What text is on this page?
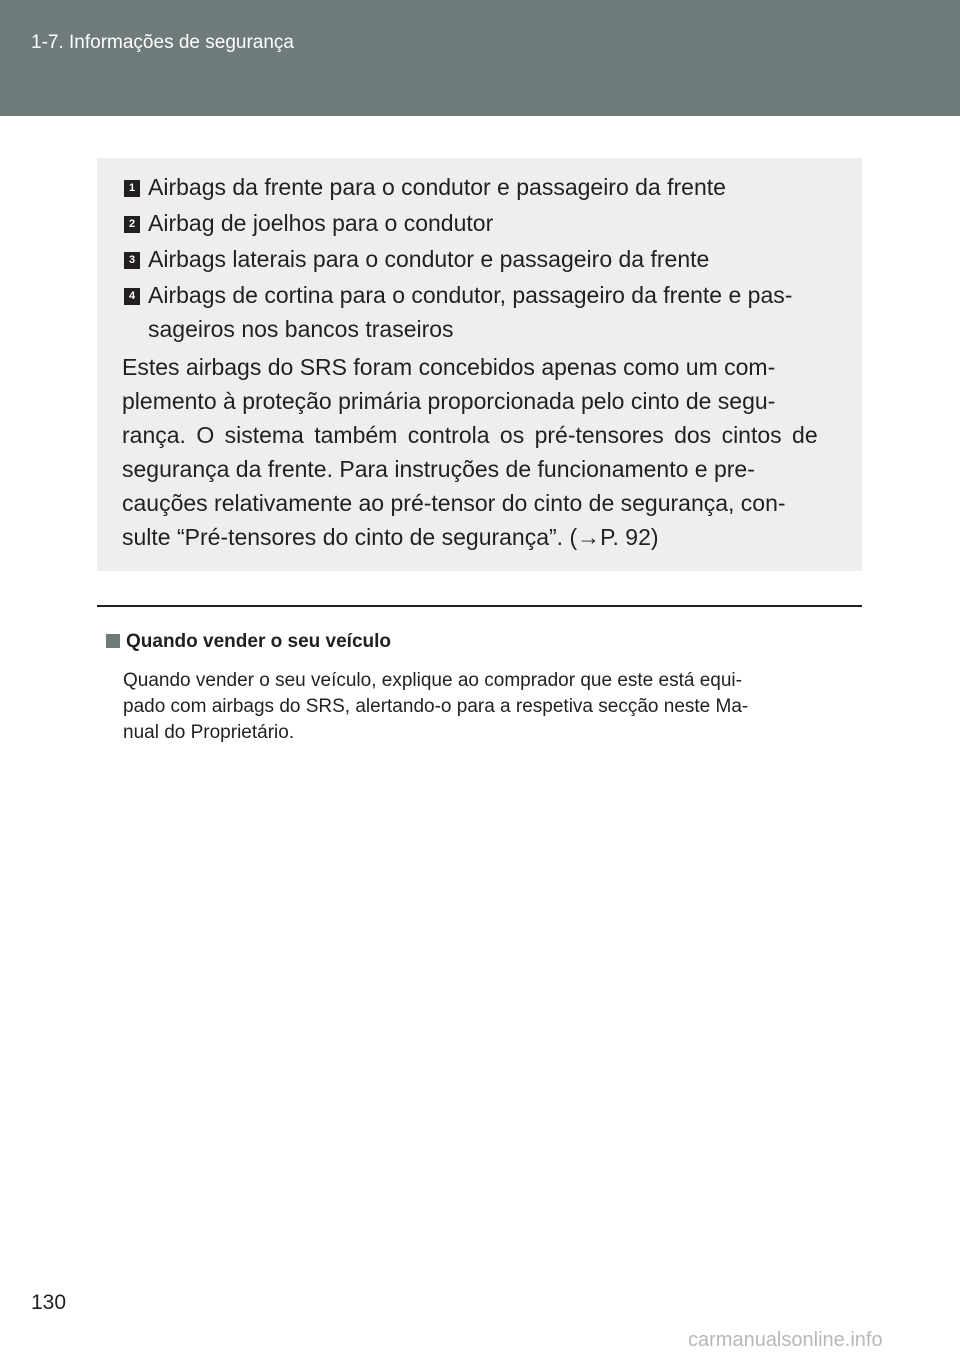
1-7. Informações de segurança
1 Airbags da frente para o condutor e passageiro da frente
2 Airbag de joelhos para o condutor
3 Airbags laterais para o condutor e passageiro da frente
4 Airbags de cortina para o condutor, passageiro da frente e pas-
sageiros nos bancos traseiros
Estes airbags do SRS foram concebidos apenas como um com-
plemento à proteção primária proporcionada pelo cinto de segu-
rança. O sistema também controla os pré-tensores dos cintos de
segurança da frente. Para instruções de funcionamento e pre-
cauções relativamente ao pré-tensor do cinto de segurança, con-
sulte “Pré-tensores do cinto de segurança”. (→P. 92)
Quando vender o seu veículo
Quando vender o seu veículo, explique ao comprador que este está equi-
pado com airbags do SRS, alertando-o para a respetiva secção neste Ma-
nual do Proprietário.
130
carmanualsonline.info
